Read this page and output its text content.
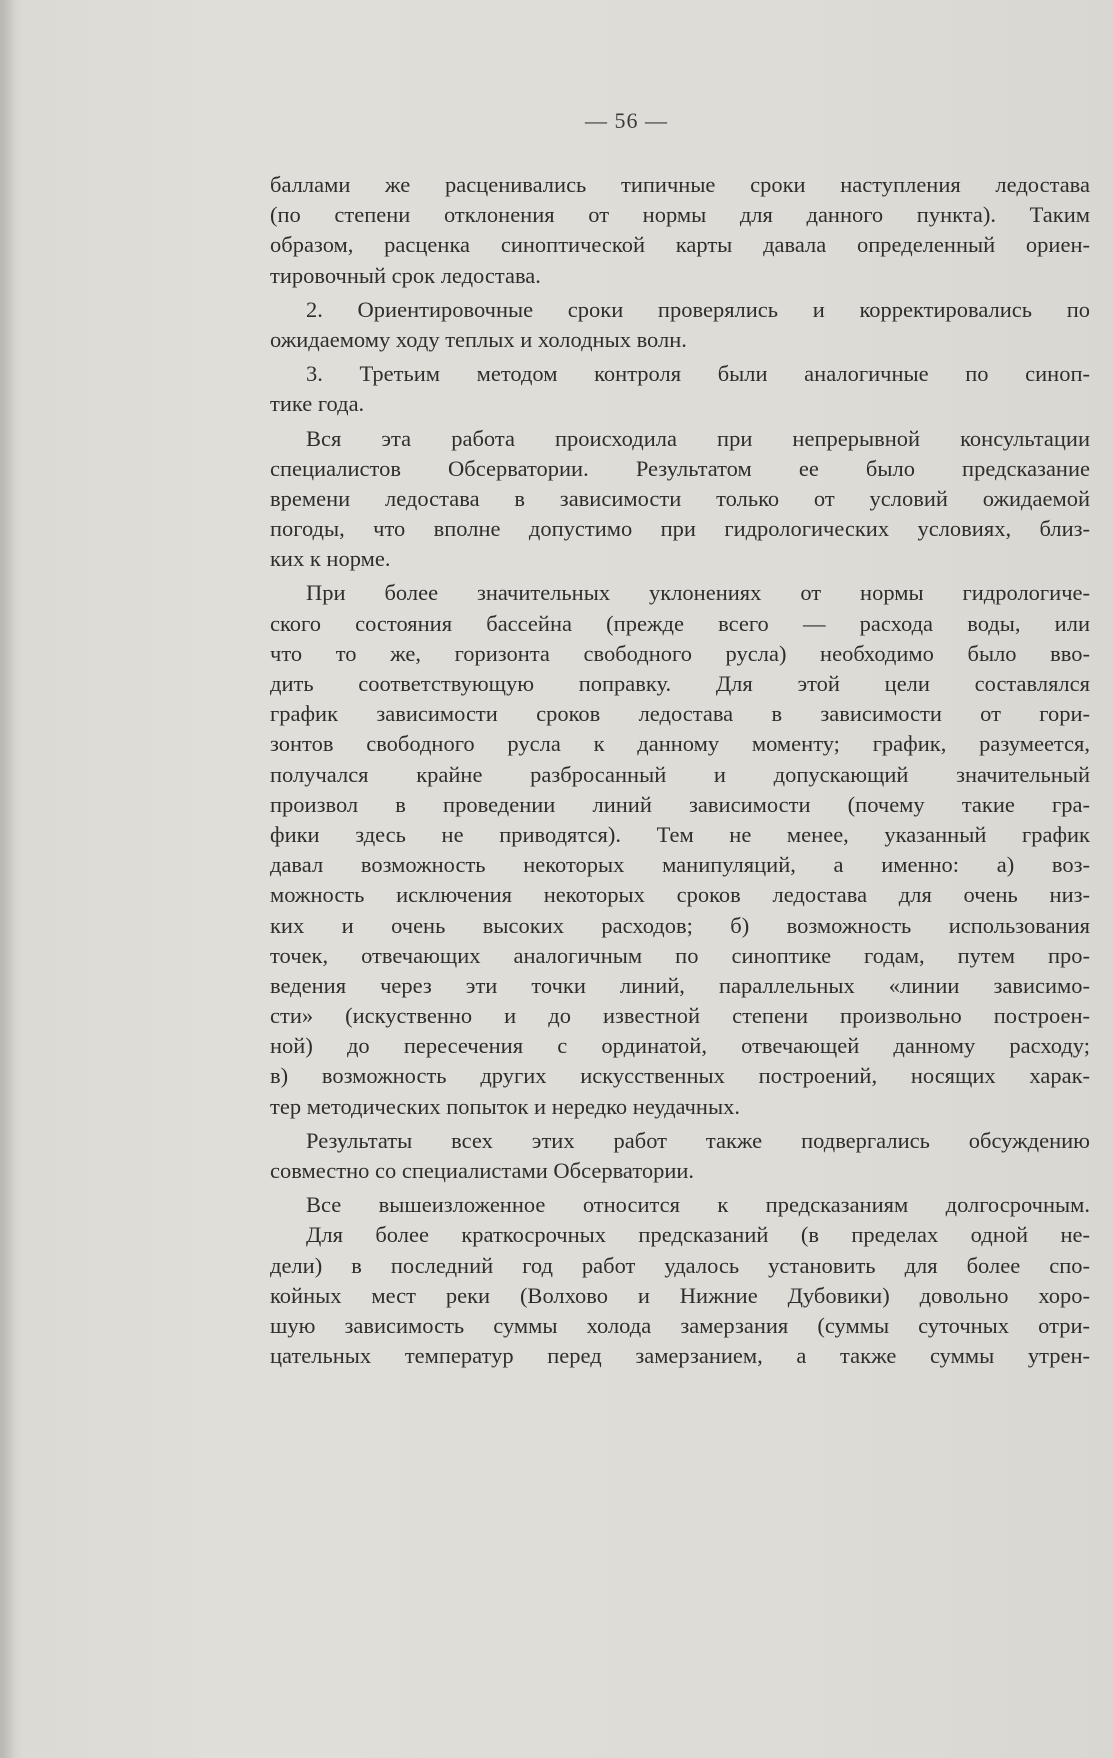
— 56 —
баллами же расценивались типичные сроки наступления ледостава
(по степени отклонения от нормы для данного пункта). Таким
образом, расценка синоптической карты давала определенный ориен-
тировочный срок ледостава.
2. Ориентировочные сроки проверялись и корректировались по
ожидаемому ходу теплых и холодных волн.
3. Третьим методом контроля были аналогичные по синоп-
тике года.
Вся эта работа происходила при непрерывной консультации
специалистов Обсерватории. Результатом ее было предсказание
времени ледостава в зависимости только от условий ожидаемой
погоды, что вполне допустимо при гидрологических условиях, близ-
ких к норме.
При более значительных уклонениях от нормы гидрологиче-
ского состояния бассейна (прежде всего — расхода воды, или
что то же, горизонта свободного русла) необходимо было вво-
дить соответствующую поправку. Для этой цели составлялся
график зависимости сроков ледостава в зависимости от гори-
зонтов свободного русла к данному моменту; график, разумеется,
получался крайне разбросанный и допускающий значительный
произвол в проведении линий зависимости (почему такие гра-
фики здесь не приводятся). Тем не менее, указанный график
давал возможность некоторых манипуляций, а именно: а) воз-
можность исключения некоторых сроков ледостава для очень низ-
ких и очень высоких расходов; б) возможность использования
точек, отвечающих аналогичным по синоптике годам, путем про-
ведения через эти точки линий, параллельных «линии зависимо-
сти» (искуственно и до известной степени произвольно построен-
ной) до пересечения с ординатой, отвечающей данному расходу;
в) возможность других искусственных построений, носящих харак-
тер методических попыток и нередко неудачных.
Результаты всех этих работ также подвергались обсуждению
совместно со специалистами Обсерватории.
Все вышеизложенное относится к предсказаниям долгосрочным.
Для более краткосрочных предсказаний (в пределах одной не-
дели) в последний год работ удалось установить для более спо-
койных мест реки (Волхово и Нижние Дубовики) довольно хоро-
шую зависимость суммы холода замерзания (суммы суточных отри-
цательных температур перед замерзанием, а также суммы утрен-
